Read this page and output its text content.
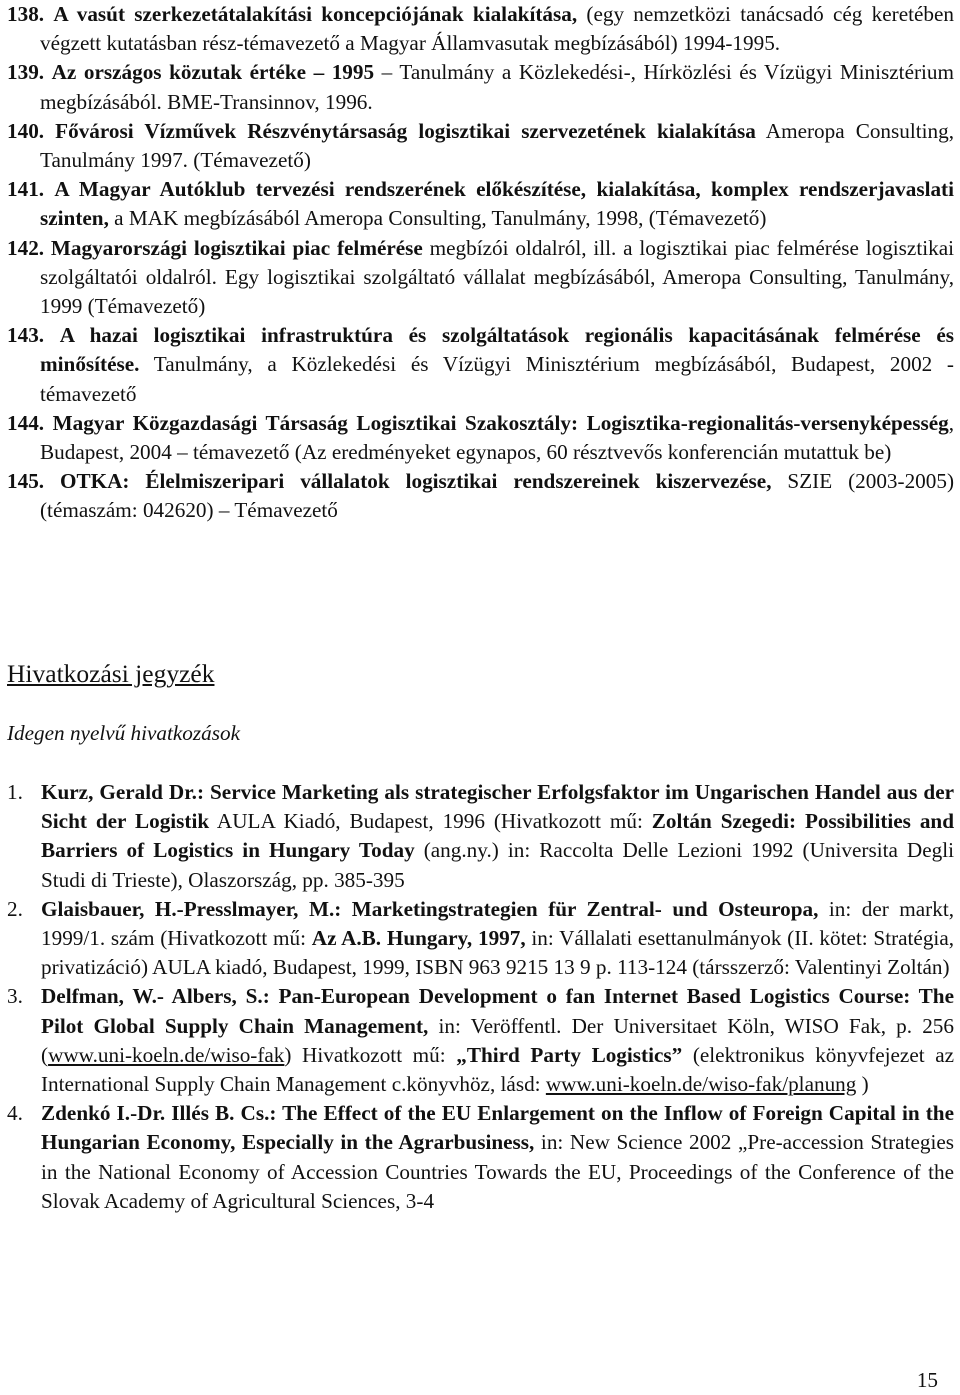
138. A vasút szerkezetátalakítási koncepciójának kialakítása, (egy nemzetközi tanácsadó cég keretében végzett kutatásban rész-témavezető a Magyar Államvasutak megbízásából) 1994-1995.

139. Az országos közutak értéke – 1995 – Tanulmány a Közlekedési-, Hírközlési és Vízügyi Minisztérium megbízásából. BME-Transinnov, 1996.

140. Fővárosi Vízművek Részvénytársaság logisztikai szervezetének kialakítása Ameropa Consulting, Tanulmány 1997. (Témavezető)

141. A Magyar Autóklub tervezési rendszerének előkészítése, kialakítása, komplex rendszerjavaslati szinten, a MAK megbízásából Ameropa Consulting, Tanulmány, 1998, (Témavezető)

142. Magyarországi logisztikai piac felmérése megbízói oldalról, ill. a logisztikai piac felmérése logisztikai szolgáltatói oldalról. Egy logisztikai szolgáltató vállalat megbízásából, Ameropa Consulting, Tanulmány, 1999 (Témavezető)

143. A hazai logisztikai infrastruktúra és szolgáltatások regionális kapacitásának felmérése és minősítése. Tanulmány, a Közlekedési és Vízügyi Minisztérium megbízásából, Budapest, 2002 - témavezető

144. Magyar Közgazdasági Társaság Logisztikai Szakosztály: Logisztika-regionalitás-versenyképesség, Budapest, 2004 – témavezető (Az eredményeket egynapos, 60 résztvevős konferencián mutattuk be)

145. OTKA: Élelmiszeripari vállalatok logisztikai rendszereinek kiszervezése, SZIE (2003-2005) (témaszám: 042620) – Témavezető

Hivatkozási jegyzék
Idegen nyelvű hivatkozások
1. Kurz, Gerald Dr.: Service Marketing als strategischer Erfolgsfaktor im Ungarischen Handel aus der Sicht der Logistik AULA Kiadó, Budapest, 1996 (Hivatkozott mű: Zoltán Szegedi: Possibilities and Barriers of Logistics in Hungary Today (ang.ny.) in: Raccolta Delle Lezioni 1992 (Universita Degli Studi di Trieste), Olaszország, pp. 385-395
2. Glaisbauer, H.-Presslmayer, M.: Marketingstrategien für Zentral- und Osteuropa, in: der markt, 1999/1. szám (Hivatkozott mű: Az A.B. Hungary, 1997, in: Vállalati esettanulmányok (II. kötet: Stratégia, privatizáció) AULA kiadó, Budapest, 1999, ISBN 963 9215 13 9 p. 113-124 (társszerző: Valentinyi Zoltán)
3. Delfman, W.- Albers, S.: Pan-European Development o fan Internet Based Logistics Course: The Pilot Global Supply Chain Management, in: Veröffentl. Der Universitaet Köln, WISO Fak, p. 256 (www.uni-koeln.de/wiso-fak) Hivatkozott mű: „Third Party Logistics” (elektronikus könyvfejezet az International Supply Chain Management c.könyvhöz, lásd: www.uni-koeln.de/wiso-fak/planung )
4. Zdenkó I.-Dr. Illés B. Cs.: The Effect of the EU Enlargement on the Inflow of Foreign Capital in the Hungarian Economy, Especially in the Agrarbusiness, in: New Science 2002 „Pre-accession Strategies in the National Economy of Accession Countries Towards the EU, Proceedings of the Conference of the Slovak Academy of Agricultural Sciences, 3-4
15
